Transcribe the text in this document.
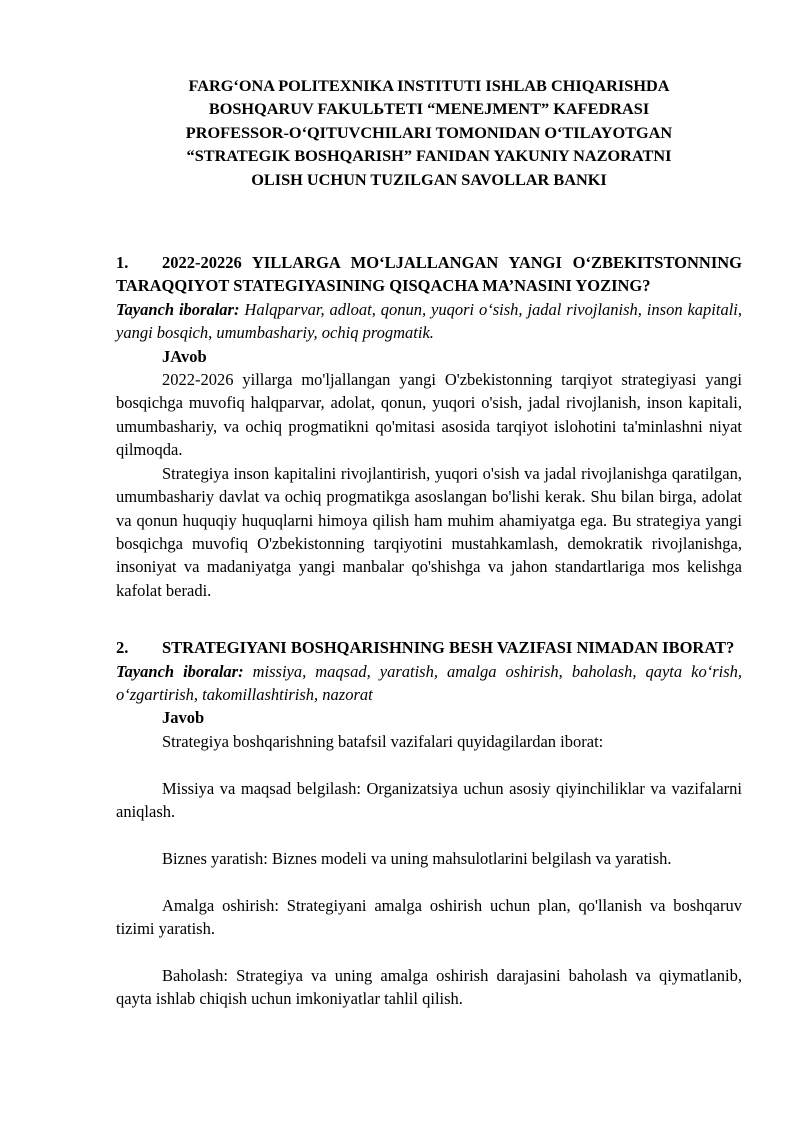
FARG‘ONA POLITEXNIKA INSTITUTI ISHLAB CHIQARISHDA
BOSHQARUV FAKULЬTETI “MENEJMENT” KAFEDRASI
PROFESSOR-O‘QITUVCHILARI TOMONIDAN O‘TILAYOTGAN
“STRATEGIK BOSHQARISH” FANIDAN YAKUNIY NAZORATNI
OLISH UCHUN TUZILGAN SAVOLLAR BANKI

1. 2022-20226 YILLARGA MO‘LJALLANGAN YANGI O‘ZBEKITSTONNING TARAQQIYOT STATEGIYASINING QISQACHA MA’NASINI YOZING?

Tayanch iboralar: Halqparvar, adloat, qonun, yuqori o‘sish, jadal rivojlanish, inson kapitali, yangi bosqich, umumbashariy, ochiq progmatik.

JAvob

2022-2026 yillarga mo'ljallangan yangi O'zbekistonning tarqiyot strategiyasi yangi bosqichga muvofiq halqparvar, adolat, qonun, yuqori o'sish, jadal rivojlanish, inson kapitali, umumbashariy, va ochiq progmatikni qo'mitasi asosida tarqiyot islohotini ta'minlashni niyat qilmoqda.

Strategiya inson kapitalini rivojlantirish, yuqori o'sish va jadal rivojlanishga qaratilgan, umumbashariy davlat va ochiq progmatikga asoslangan bo'lishi kerak. Shu bilan birga, adolat va qonun huquqiy huquqlarni himoya qilish ham muhim ahamiyatga ega. Bu strategiya yangi bosqichga muvofiq O'zbekistonning tarqiyotini mustahkamlash, demokratik rivojlanishga, insoniyat va madaniyatga yangi manbalar qo'shishga va jahon standartlariga mos kelishga kafolat beradi.

2. STRATEGIYANI BOSHQARISHNING BESH VAZIFASI NIMADAN IBORAT?

Tayanch iboralar: missiya, maqsad, yaratish, amalga oshirish, baholash, qayta ko‘rish, o‘zgartirish, takomillashtirish, nazorat

Javob

Strategiya boshqarishning batafsil vazifalari quyidagilardan iborat:

Missiya va maqsad belgilash: Organizatsiya uchun asosiy qiyinchiliklar va vazifalarni aniqlash.

Biznes yaratish: Biznes modeli va uning mahsulotlarini belgilash va yaratish.

Amalga oshirish: Strategiyani amalga oshirish uchun plan, qo'llanish va boshqaruv tizimi yaratish.

Baholash: Strategiya va uning amalga oshirish darajasini baholash va qiymatlanib, qayta ishlab chiqish uchun imkoniyatlar tahlil qilish.
